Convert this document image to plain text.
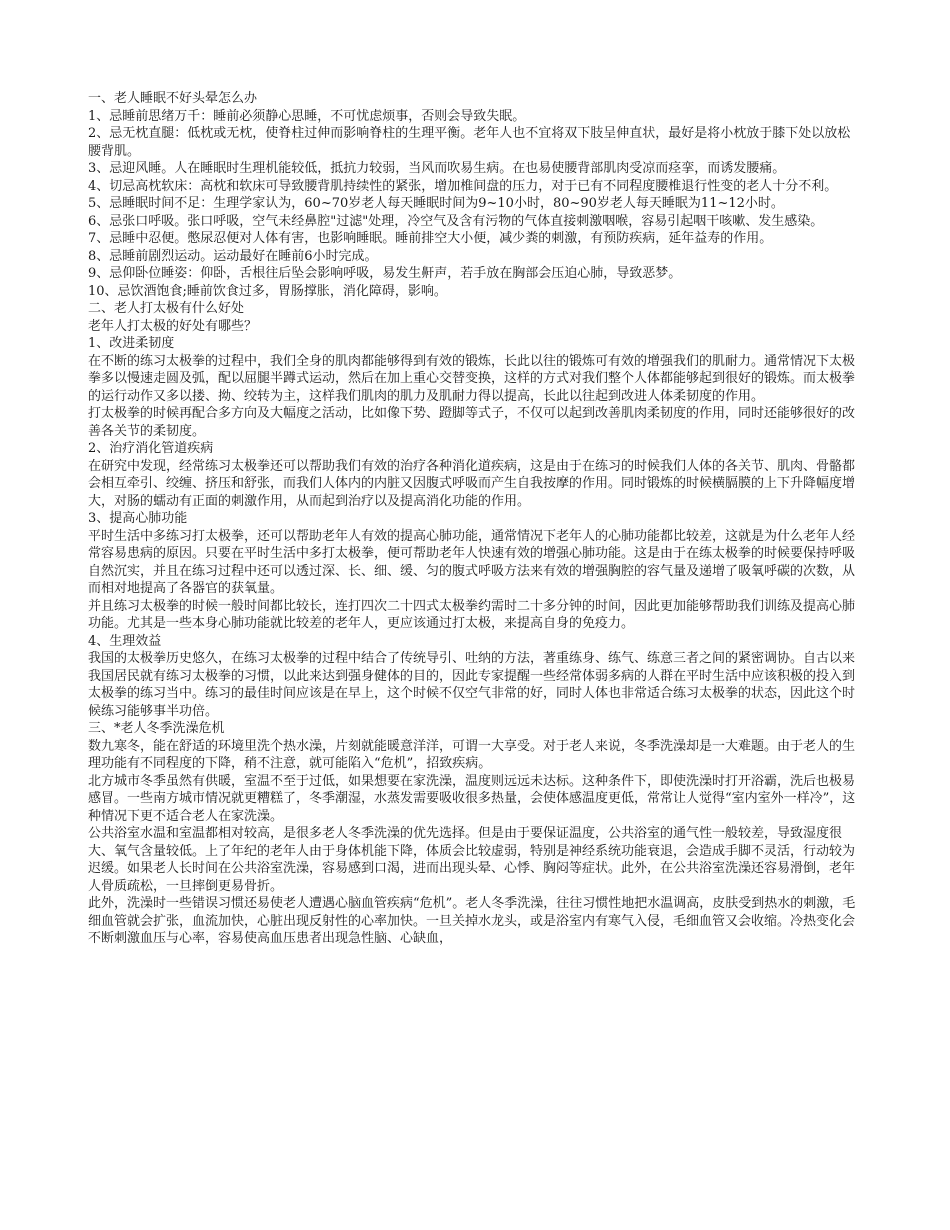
一、老人睡眠不好头晕怎么办

1、忌睡前思绪万千：睡前必须静心思睡，不可忧虑烦事，否则会导致失眠。

2、忌无枕直腿：低枕或无枕，使脊柱过伸而影响脊柱的生理平衡。老年人也不宜将双下肢呈伸直状，最好是将小枕放于膝下处以放松腰背肌。

3、忌迎风睡。人在睡眠时生理机能较低，抵抗力较弱，当风而吹易生病。在也易使腰背部肌肉受凉而痉挛，而诱发腰痛。

4、切忌高枕软床：高枕和软床可导致腰背肌持续性的紧张，增加椎间盘的压力，对于已有不同程度腰椎退行性变的老人十分不利。

5、忌睡眠时间不足：生理学家认为，60~70岁老人每天睡眠时间为9~10小时，80~90岁老人每天睡眠为11~12小时。

6、忌张口呼吸。张口呼吸，空气未经鼻腔"过滤"处理，冷空气及含有污物的气体直接刺激咽喉，容易引起咽干咳嗽、发生感染。

7、忌睡中忍便。憋尿忍便对人体有害，也影响睡眠。睡前排空大小便，减少粪的刺激，有预防疾病，延年益寿的作用。

8、忌睡前剧烈运动。运动最好在睡前6小时完成。

9、忌仰卧位睡姿：仰卧，舌根往后坠会影响呼吸，易发生鼾声，若手放在胸部会压迫心肺，导致恶梦。

10、忌饮酒饱食;睡前饮食过多，胃肠撑胀，消化障碍，影响。

二、老人打太极有什么好处

老年人打太极的好处有哪些？

1、改进柔韧度

在不断的练习太极拳的过程中，我们全身的肌肉都能够得到有效的锻炼，长此以往的锻炼可有效的增强我们的肌耐力。通常情况下太极拳多以慢速走圆及弧，配以屈腿半蹲式运动，然后在加上重心交替变换，这样的方式对我们整个人体都能够起到很好的锻炼。而太极拳的运行动作又多以搂、拗、绞转为主，这样我们肌肉的肌力及肌耐力得以提高，长此以往起到改进人体柔韧度的作用。

打太极拳的时候再配合多方向及大幅度之活动，比如像下势、蹬脚等式子，不仅可以起到改善肌肉柔韧度的作用，同时还能够很好的改善各关节的柔韧度。

2、治疗消化管道疾病

在研究中发现，经常练习太极拳还可以帮助我们有效的治疗各种消化道疾病，这是由于在练习的时候我们人体的各关节、肌肉、骨骼都会相互牵引、绞缠、挤压和舒张，而我们人体内的内脏又因腹式呼吸而产生自我按摩的作用。同时锻炼的时候横膈膜的上下升降幅度增大，对肠的蠕动有正面的刺激作用，从而起到治疗以及提高消化功能的作用。

3、提高心肺功能

平时生活中多练习打太极拳，还可以帮助老年人有效的提高心肺功能，通常情况下老年人的心肺功能都比较差，这就是为什么老年人经常容易患病的原因。只要在平时生活中多打太极拳，便可帮助老年人快速有效的增强心肺功能。这是由于在练太极拳的时候要保持呼吸自然沉实，并且在练习过程中还可以透过深、长、细、缓、匀的腹式呼吸方法来有效的增强胸腔的容气量及递增了吸氧呼碳的次数，从而相对地提高了各器官的获氧量。

并且练习太极拳的时候一般时间都比较长，连打四次二十四式太极拳约需时二十多分钟的时间，因此更加能够帮助我们训练及提高心肺功能。尤其是一些本身心肺功能就比较差的老年人，更应该通过打太极，来提高自身的免疫力。

4、生理效益

我国的太极拳历史悠久，在练习太极拳的过程中结合了传统导引、吐纳的方法，著重练身、练气、练意三者之间的紧密调协。自古以来我国居民就有练习太极拳的习惯，以此来达到强身健体的目的，因此专家提醒一些经常体弱多病的人群在平时生活中应该积极的投入到太极拳的练习当中。练习的最佳时间应该是在早上，这个时候不仅空气非常的好，同时人体也非常适合练习太极拳的状态，因此这个时候练习能够事半功倍。

三、*老人冬季洗澡危机

数九寒冬，能在舒适的环境里洗个热水澡，片刻就能暖意洋洋，可谓一大享受。对于老人来说，冬季洗澡却是一大难题。由于老人的生理功能有不同程度的下降，稍不注意，就可能陷入“危机”，招致疾病。

北方城市冬季虽然有供暖，室温不至于过低，如果想要在家洗澡，温度则远远未达标。这种条件下，即使洗澡时打开浴霸，洗后也极易感冒。一些南方城市情况就更糟糕了，冬季潮湿，水蒸发需要吸收很多热量，会使体感温度更低，常常让人觉得“室内室外一样冷”，这种情况下更不适合老人在家洗澡。

公共浴室水温和室温都相对较高，是很多老人冬季洗澡的优先选择。但是由于要保证温度，公共浴室的通气性一般较差，导致湿度很大、氧气含量较低。上了年纪的老年人由于身体机能下降，体质会比较虚弱，特别是神经系统功能衰退，会造成手脚不灵活，行动较为迟缓。如果老人长时间在公共浴室洗澡，容易感到口渴，进而出现头晕、心悸、胸闷等症状。此外，在公共浴室洗澡还容易滑倒，老年人骨质疏松，一旦摔倒更易骨折。

此外，洗澡时一些错误习惯还易使老人遭遇心脑血管疾病“危机”。老人冬季洗澡，往往习惯性地把水温调高，皮肤受到热水的刺激，毛细血管就会扩张，血流加快，心脏出现反射性的心率加快。一旦关掉水龙头，或是浴室内有寒气入侵，毛细血管又会收缩。冷热变化会不断刺激血压与心率，容易使高血压患者出现急性脑、心缺血，
